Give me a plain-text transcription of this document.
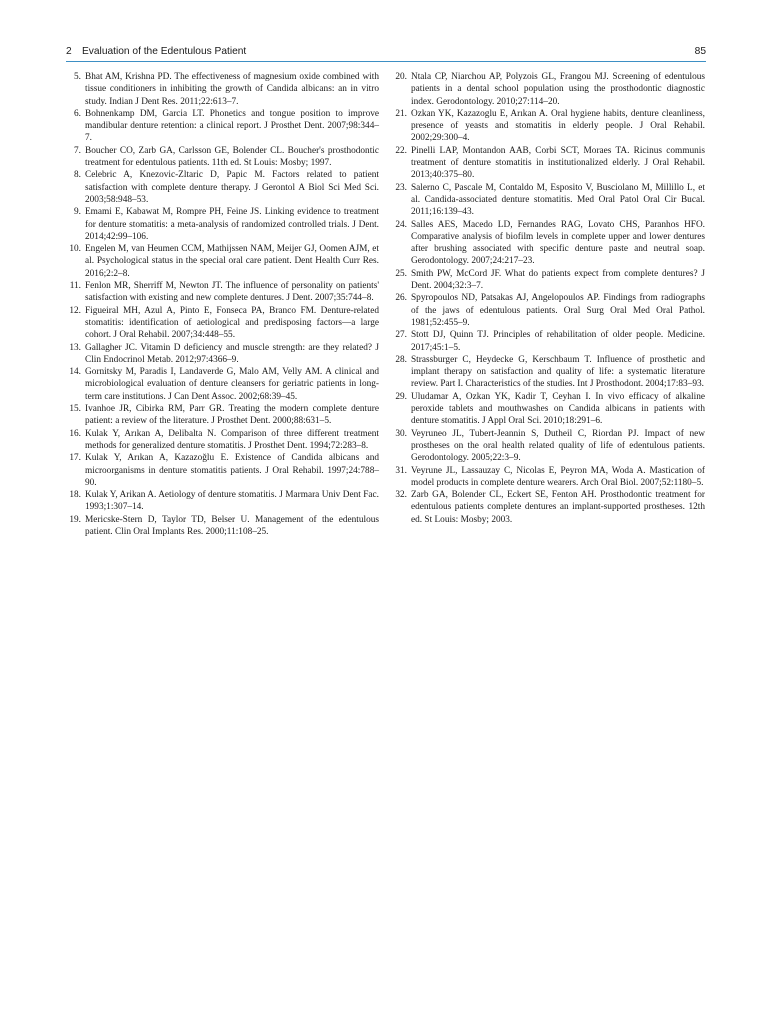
2 Evaluation of the Edentulous Patient	85
5. Bhat AM, Krishna PD. The effectiveness of magnesium oxide combined with tissue conditioners in inhibiting the growth of Candida albicans: an in vitro study. Indian J Dent Res. 2011;22:613–7.
6. Bohnenkamp DM, Garcia LT. Phonetics and tongue position to improve mandibular denture retention: a clinical report. J Prosthet Dent. 2007;98:344–7.
7. Boucher CO, Zarb GA, Carlsson GE, Bolender CL. Boucher's prosthodontic treatment for edentulous patients. 11th ed. St Louis: Mosby; 1997.
8. Celebric A, Knezovic-Zltaric D, Papic M. Factors related to patient satisfaction with complete denture therapy. J Gerontol A Biol Sci Med Sci. 2003;58:948–53.
9. Emami E, Kabawat M, Rompre PH, Feine JS. Linking evidence to treatment for denture stomatitis: a meta-analysis of randomized controlled trials. J Dent. 2014;42:99–106.
10. Engelen M, van Heumen CCM, Mathijssen NAM, Meijer GJ, Oomen AJM, et al. Psychological status in the special oral care patient. Dent Health Curr Res. 2016;2:2–8.
11. Fenlon MR, Sherriff M, Newton JT. The influence of personality on patients' satisfaction with existing and new complete dentures. J Dent. 2007;35:744–8.
12. Figueiral MH, Azul A, Pinto E, Fonseca PA, Branco FM. Denture-related stomatitis: identification of aetiological and predisposing factors—a large cohort. J Oral Rehabil. 2007;34:448–55.
13. Gallagher JC. Vitamin D deficiency and muscle strength: are they related? J Clin Endocrinol Metab. 2012;97:4366–9.
14. Gornitsky M, Paradis I, Landaverde G, Malo AM, Velly AM. A clinical and microbiological evaluation of denture cleansers for geriatric patients in long-term care institutions. J Can Dent Assoc. 2002;68:39–45.
15. Ivanhoe JR, Cibirka RM, Parr GR. Treating the modern complete denture patient: a review of the literature. J Prosthet Dent. 2000;88:631–5.
16. Kulak Y, Arıkan A, Delibalta N. Comparison of three different treatment methods for generalized denture stomatitis. J Prosthet Dent. 1994;72:283–8.
17. Kulak Y, Arıkan A, Kazazoğlu E. Existence of Candida albicans and microorganisms in denture stomatitis patients. J Oral Rehabil. 1997;24:788–90.
18. Kulak Y, Arikan A. Aetiology of denture stomatitis. J Marmara Univ Dent Fac. 1993;1:307–14.
19. Mericske-Stern D, Taylor TD, Belser U. Management of the edentulous patient. Clin Oral Implants Res. 2000;11:108–25.
20. Ntala CP, Niarchou AP, Polyzois GL, Frangou MJ. Screening of edentulous patients in a dental school population using the prosthodontic diagnostic index. Gerodontology. 2010;27:114–20.
21. Ozkan YK, Kazazoglu E, Arıkan A. Oral hygiene habits, denture cleanliness, presence of yeasts and stomatitis in elderly people. J Oral Rehabil. 2002;29:300–4.
22. Pinelli LAP, Montandon AAB, Corbi SCT, Moraes TA. Ricinus communis treatment of denture stomatitis in institutionalized elderly. J Oral Rehabil. 2013;40:375–80.
23. Salerno C, Pascale M, Contaldo M, Esposito V, Busciolano M, Millillo L, et al. Candida-associated denture stomatitis. Med Oral Patol Oral Cir Bucal. 2011;16:139–43.
24. Salles AES, Macedo LD, Fernandes RAG, Lovato CHS, Paranhos HFO. Comparative analysis of biofilm levels in complete upper and lower dentures after brushing associated with specific denture paste and neutral soap. Gerodontology. 2007;24:217–23.
25. Smith PW, McCord JF. What do patients expect from complete dentures? J Dent. 2004;32:3–7.
26. Spyropoulos ND, Patsakas AJ, Angelopoulos AP. Findings from radiographs of the jaws of edentulous patients. Oral Surg Oral Med Oral Pathol. 1981;52:455–9.
27. Stott DJ, Quinn TJ. Principles of rehabilitation of older people. Medicine. 2017;45:1–5.
28. Strassburger C, Heydecke G, Kerschbaum T. Influence of prosthetic and implant therapy on satisfaction and quality of life: a systematic literature review. Part I. Characteristics of the studies. Int J Prosthodont. 2004;17:83–93.
29. Uludamar A, Ozkan YK, Kadir T, Ceyhan I. In vivo efficacy of alkaline peroxide tablets and mouthwashes on Candida albicans in patients with denture stomatitis. J Appl Oral Sci. 2010;18:291–6.
30. Veyruneo JL, Tubert-Jeannin S, Dutheil C, Riordan PJ. Impact of new prostheses on the oral health related quality of life of edentulous patients. Gerodontology. 2005;22:3–9.
31. Veyrune JL, Lassauzay C, Nicolas E, Peyron MA, Woda A. Mastication of model products in complete denture wearers. Arch Oral Biol. 2007;52:1180–5.
32. Zarb GA, Bolender CL, Eckert SE, Fenton AH. Prosthodontic treatment for edentulous patients complete dentures an implant-supported prostheses. 12th ed. St Louis: Mosby; 2003.
